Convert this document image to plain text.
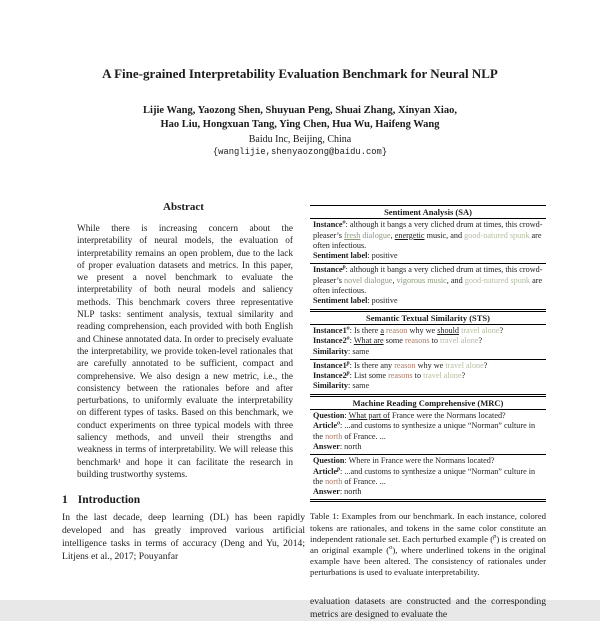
A Fine-grained Interpretability Evaluation Benchmark for Neural NLP
Lijie Wang, Yaozong Shen, Shuyuan Peng, Shuai Zhang, Xinyan Xiao,
Hao Liu, Hongxuan Tang, Ying Chen, Hua Wu, Haifeng Wang
Baidu Inc, Beijing, China
{wanglijie,shenyaozong@baidu.com}
Abstract
While there is increasing concern about the interpretability of neural models, the evaluation of interpretability remains an open problem, due to the lack of proper evaluation datasets and metrics. In this paper, we present a novel benchmark to evaluate the interpretability of both neural models and saliency methods. This benchmark covers three representative NLP tasks: sentiment analysis, textual similarity and reading comprehension, each provided with both English and Chinese annotated data. In order to precisely evaluate the interpretability, we provide token-level rationales that are carefully annotated to be sufficient, compact and comprehensive. We also design a new metric, i.e., the consistency between the rationales before and after perturbations, to uniformly evaluate the interpretability on different types of tasks. Based on this benchmark, we conduct experiments on three typical models with three saliency methods, and unveil their strengths and weakness in terms of interpretability. We will release this benchmark¹ and hope it can facilitate the research in building trustworthy systems.
1 Introduction
In the last decade, deep learning (DL) has been rapidly developed and has greatly improved various artificial intelligence tasks in terms of accuracy (Deng and Yu, 2014; Litjens et al., 2017; Pouyanfar
Sentiment Analysis (SA)
Instance$^o$: although it bangs a very cliched drum at times, this crowd-pleaser’s fresh dialogue, energetic music, and good-natured spunk are often infectious.
Sentiment label: positive
Instance$^p$: although it bangs a very cliched drum at times, this crowd-pleaser’s novel dialogue, vigorous music, and good-natured spunk are often infectious.
Sentiment label: positive
Semantic Textual Similarity (STS)
Instance1$^o$: Is there a reason why we should travel alone?
Instance2$^o$: What are some reasons to travel alone?
Similarity: same
Instance1$^p$: Is there any reason why we travel alone?
Instance2$^p$: List some reasons to travel alone?
Similarity: same
Machine Reading Comprehensive (MRC)
Question: What part of France were the Normans located?
Article$^o$: ...and customs to synthesize a unique “Norman” culture in the north of France. ...
Answer: north
Question: Where in France were the Normans located?
Article$^p$: ...and customs to synthesize a unique “Norman” culture in the north of France. ...
Answer: north
Table 1: Examples from our benchmark. In each instance, colored tokens are rationales, and tokens in the same color constitute an independent rationale set. Each perturbed example ($^p$) is created on an original example ($^o$), where underlined tokens in the original example have been altered. The consistency of rationales under perturbations is used to evaluate interpretability.
evaluation datasets are constructed and the corresponding metrics are designed to evaluate the
